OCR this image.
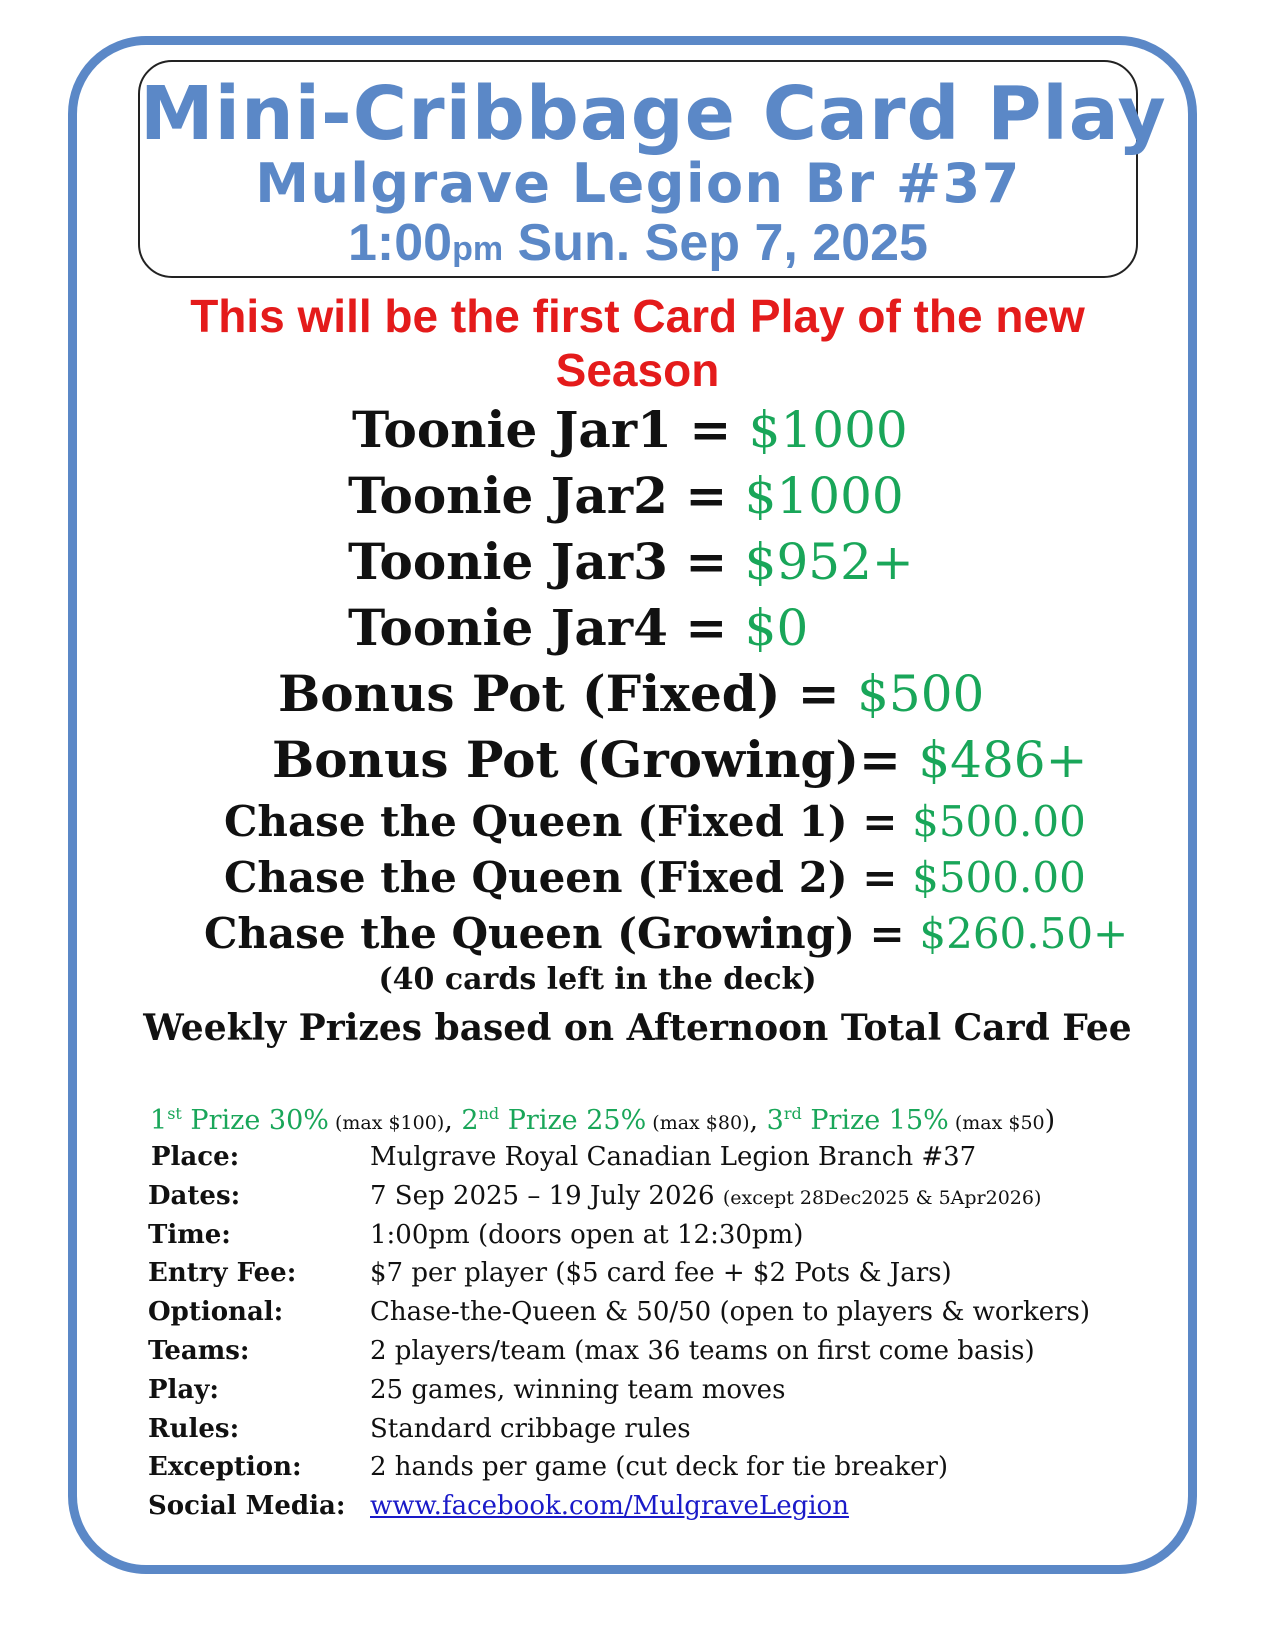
Mini-Cribbage Card Play
Mulgrave Legion Br #37
1:00pm Sun. Sep 7, 2025
This will be the first Card Play of the new
Season
Toonie Jar1 = $1000
Toonie Jar2 = $1000
Toonie Jar3 = $952+
Toonie Jar4 = $0
Bonus Pot (Fixed) = $500
Bonus Pot (Growing)= $486+
Chase the Queen (Fixed 1) = $500.00
Chase the Queen (Fixed 2) = $500.00
Chase the Queen (Growing) = $260.50+
(40 cards left in the deck)
Weekly Prizes based on Afternoon Total Card Fee
1st Prize 30% (max $100), 2nd Prize 25% (max $80), 3rd Prize 15% (max $50)
Place:	Mulgrave Royal Canadian Legion Branch #37
Dates:	7 Sep 2025 – 19 July 2026 (except 28Dec2025 & 5Apr2026)
Time:	1:00pm (doors open at 12:30pm)
Entry Fee:	$7 per player ($5 card fee + $2 Pots & Jars)
Optional:	Chase-the-Queen & 50/50 (open to players & workers)
Teams:	2 players/team (max 36 teams on first come basis)
Play:	25 games, winning team moves
Rules:	Standard cribbage rules
Exception:	2 hands per game (cut deck for tie breaker)
Social Media: www.facebook.com/MulgraveLegion
